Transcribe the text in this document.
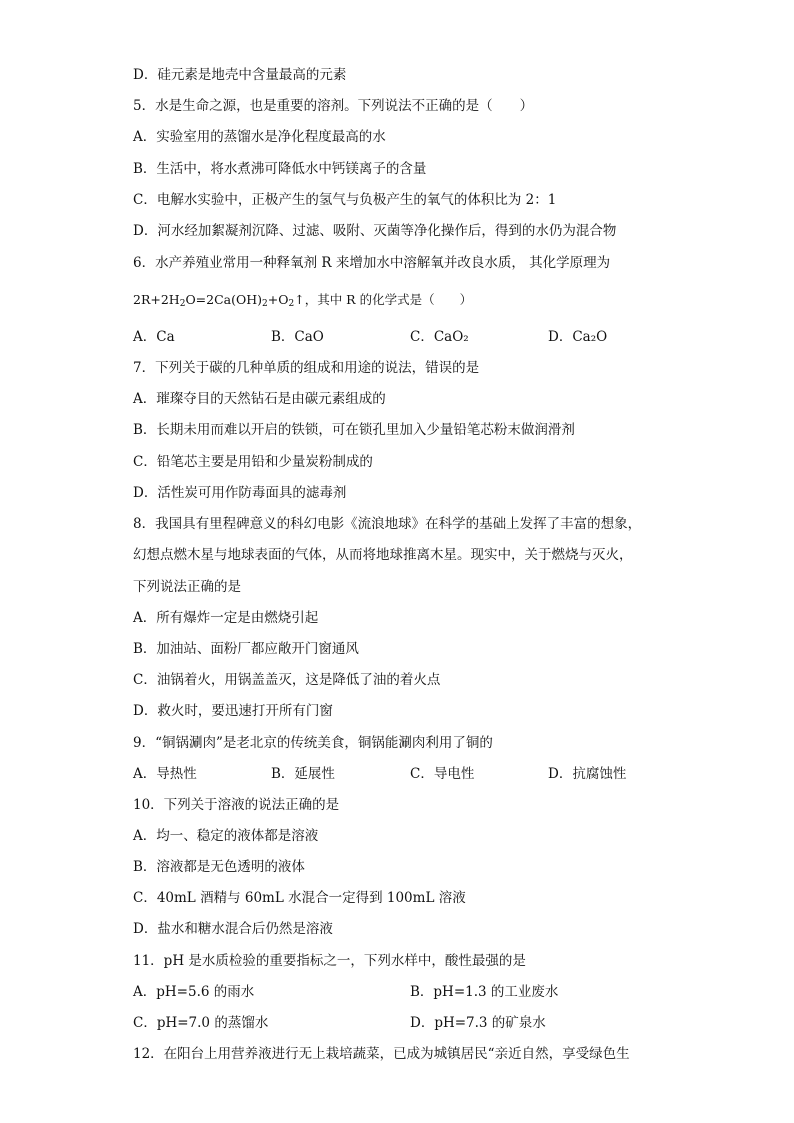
D．硅元素是地壳中含量最高的元素
5．水是生命之源，也是重要的溶剂。下列说法不正确的是（　　）
A．实验室用的蒸馏水是净化程度最高的水
B．生活中，将水煮沸可降低水中钙镁离子的含量
C．电解水实验中，正极产生的氢气与负极产生的氧气的体积比为 2：1
D．河水经加絮凝剂沉降、过滤、吸附、灭菌等净化操作后，得到的水仍为混合物
6．水产养殖业常用一种释氧剂 R 来增加水中溶解氧并改良水质， 其化学原理为
$2R+2H_2O=2Ca(OH)_2+O_2↑$，其中 R 的化学式是（　　）
A．Ca	B．CaO	C．CaO₂	D．Ca₂O
7．下列关于碳的几种单质的组成和用途的说法，错误的是
A．璀璨夺目的天然钻石是由碳元素组成的
B．长期未用而难以开启的铁锁，可在锁孔里加入少量铅笔芯粉末做润滑剂
C．铅笔芯主要是用铅和少量炭粉制成的
D．活性炭可用作防毒面具的滤毒剂
8．我国具有里程碑意义的科幻电影《流浪地球》在科学的基础上发挥了丰富的想象，
幻想点燃木星与地球表面的气体，从而将地球推离木星。现实中，关于燃烧与灭火，
下列说法正确的是
A．所有爆炸一定是由燃烧引起
B．加油站、面粉厂都应敞开门窗通风
C．油锅着火，用锅盖盖灭，这是降低了油的着火点
D．救火时，要迅速打开所有门窗
9．“铜锅涮肉”是老北京的传统美食，铜锅能涮肉利用了铜的
A．导热性	B．延展性	C．导电性	D．抗腐蚀性
10．下列关于溶液的说法正确的是
A．均一、稳定的液体都是溶液
B．溶液都是无色透明的液体
C．40mL 酒精与 60mL 水混合一定得到 100mL 溶液
D．盐水和糖水混合后仍然是溶液
11．pH 是水质检验的重要指标之一，下列水样中，酸性最强的是
A．pH=5.6 的雨水	B．pH=1.3 的工业废水
C．pH=7.0 的蒸馏水	D．pH=7.3 的矿泉水
12．在阳台上用营养液进行无上栽培蔬菜，已成为城镇居民“亲近自然，享受绿色生
